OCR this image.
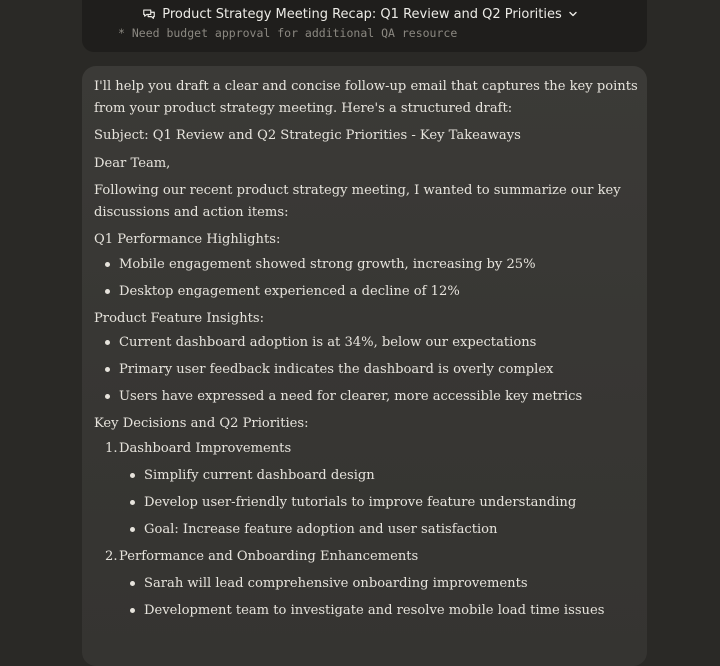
Product Strategy Meeting Recap: Q1 Review and Q2 Priorities
* Need budget approval for additional QA resource

I'll help you draft a clear and concise follow-up email that captures the key points from your product strategy meeting. Here's a structured draft:

Subject: Q1 Review and Q2 Strategic Priorities - Key Takeaways

Dear Team,

Following our recent product strategy meeting, I wanted to summarize our key discussions and action items:

Q1 Performance Highlights:

Mobile engagement showed strong growth, increasing by 25%
Desktop engagement experienced a decline of 12%

Product Feature Insights:

Current dashboard adoption is at 34%, below our expectations
Primary user feedback indicates the dashboard is overly complex
Users have expressed a need for clearer, more accessible key metrics

Key Decisions and Q2 Priorities:

1. Dashboard Improvements
Simplify current dashboard design
Develop user-friendly tutorials to improve feature understanding
Goal: Increase feature adoption and user satisfaction
2. Performance and Onboarding Enhancements
Sarah will lead comprehensive onboarding improvements
Development team to investigate and resolve mobile load time issues
